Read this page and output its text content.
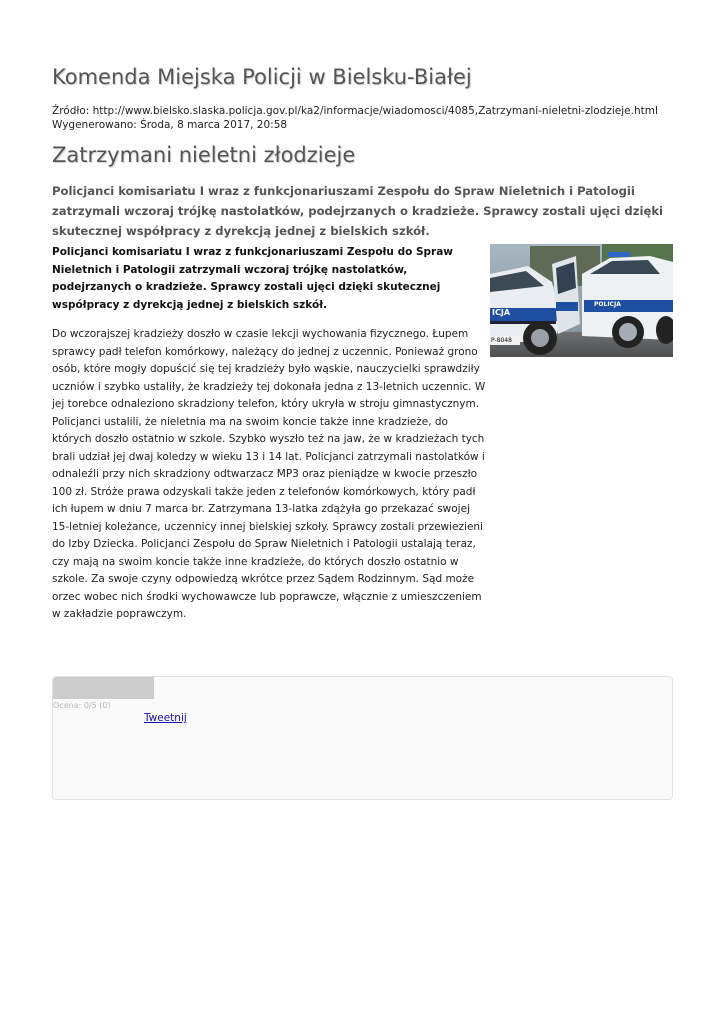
Komenda Miejska Policji w Bielsku-Białej
Źródło: http://www.bielsko.slaska.policja.gov.pl/ka2/informacje/wiadomosci/4085,Zatrzymani-nieletni-zlodzieje.html
Wygenerowano: Środa, 8 marca 2017, 20:58
Zatrzymani nieletni złodzieje
Policjanci komisariatu I wraz z funkcjonariuszami Zespołu do Spraw Nieletnich i Patologii zatrzymali wczoraj trójkę nastolatków, podejrzanych o kradzieże. Sprawcy zostali ujęci dzięki skutecznej współpracy z dyrekcją jednej z bielskich szkół.
ICJA
POLICJA
P-8048
Policjanci komisariatu I wraz z funkcjonariuszami Zespołu do Spraw Nieletnich i Patologii zatrzymali wczoraj trójkę nastolatków, podejrzanych o kradzieże. Sprawcy zostali ujęci dzięki skutecznej współpracy z dyrekcją jednej z bielskich szkół.
Do wczorajszej kradzieży doszło w czasie lekcji wychowania fizycznego. Łupem sprawcy padł telefon komórkowy, należący do jednej z uczennic. Ponieważ grono osób, które mogły dopuścić się tej kradzieży było wąskie, nauczycielki sprawdziły uczniów i szybko ustaliły, że kradzieży tej dokonała jedna z 13-letnich uczennic. W jej torebce odnaleziono skradziony telefon, który ukryła w stroju gimnastycznym. Policjanci ustalili, że nieletnia ma na swoim koncie także inne kradzieże, do których doszło ostatnio w szkole. Szybko wyszło też na jaw, że w kradzieżach tych brali udział jej dwaj koledzy w wieku 13 i 14 lat. Policjanci zatrzymali nastolatków i odnaleźli przy nich skradziony odtwarzacz MP3 oraz pieniądze w kwocie przeszło 100 zł. Stróże prawa odzyskali także jeden z telefonów komórkowych, który padł ich łupem w dniu 7 marca br. Zatrzymana 13-latka zdążyła go przekazać swojej 15-letniej koleżance, uczennicy innej bielskiej szkoły. Sprawcy zostali przewiezieni do Izby Dziecka. Policjanci Zespołu do Spraw Nieletnich i Patologii ustalają teraz, czy mają na swoim koncie także inne kradzieże, do których doszło ostatnio w szkole. Za swoje czyny odpowiedzą wkrótce przez Sądem Rodzinnym. Sąd może orzec wobec nich środki wychowawcze lub poprawcze, włącznie z umieszczeniem w zakładzie poprawczym.
Ocena: 0/5 (0)
Tweetnij
